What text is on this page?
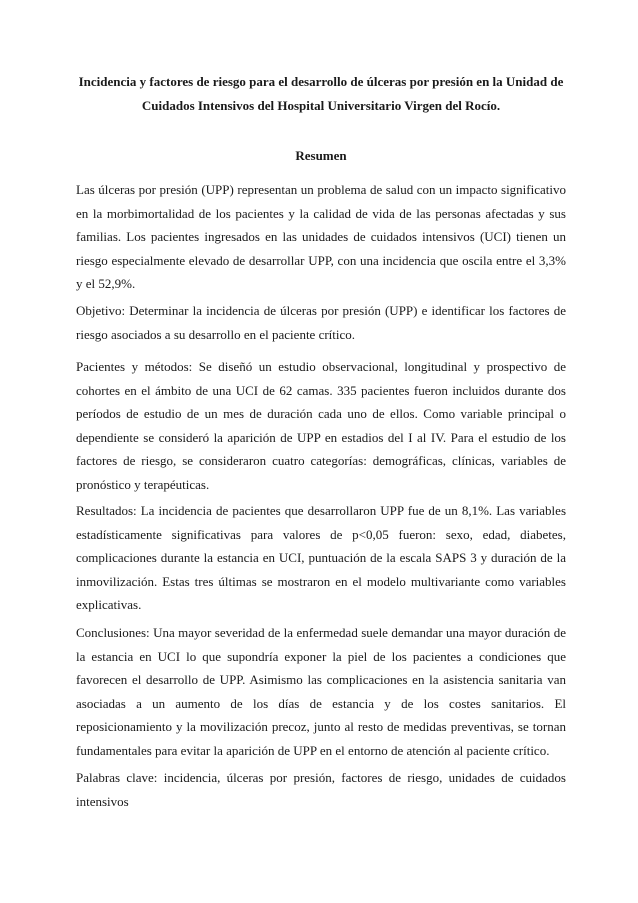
Incidencia y factores de riesgo para el desarrollo de úlceras por presión en la Unidad de
Cuidados Intensivos del Hospital Universitario Virgen del Rocío.
Resumen

Las úlceras por presión (UPP) representan un problema de salud con un impacto significativo en la morbimortalidad de los pacientes y la calidad de vida de las personas afectadas y sus familias. Los pacientes ingresados en las unidades de cuidados intensivos (UCI) tienen un riesgo especialmente elevado de desarrollar UPP, con una incidencia que oscila entre el 3,3% y el 52,9%.

Objetivo: Determinar la incidencia de úlceras por presión (UPP) e identificar los factores de riesgo asociados a su desarrollo en el paciente crítico.

Pacientes y métodos: Se diseñó un estudio observacional, longitudinal y prospectivo de cohortes en el ámbito de una UCI de 62 camas. 335 pacientes fueron incluidos durante dos períodos de estudio de un mes de duración cada uno de ellos. Como variable principal o dependiente se consideró la aparición de UPP en estadios del I al IV. Para el estudio de los factores de riesgo, se consideraron cuatro categorías: demográficas, clínicas, variables de pronóstico y terapéuticas.

Resultados: La incidencia de pacientes que desarrollaron UPP fue de un 8,1%. Las variables estadísticamente significativas para valores de p<0,05 fueron: sexo, edad, diabetes, complicaciones durante la estancia en UCI, puntuación de la escala SAPS 3 y duración de la inmovilización. Estas tres últimas se mostraron en el modelo multivariante como variables explicativas.

Conclusiones: Una mayor severidad de la enfermedad suele demandar una mayor duración de la estancia en UCI lo que supondría exponer la piel de los pacientes a condiciones que favorecen el desarrollo de UPP. Asimismo las complicaciones en la asistencia sanitaria van asociadas a un aumento de los días de estancia y de los costes sanitarios. El reposicionamiento y la movilización precoz, junto al resto de medidas preventivas, se tornan fundamentales para evitar la aparición de UPP en el entorno de atención al paciente crítico.

Palabras clave: incidencia, úlceras por presión, factores de riesgo, unidades de cuidados intensivos
